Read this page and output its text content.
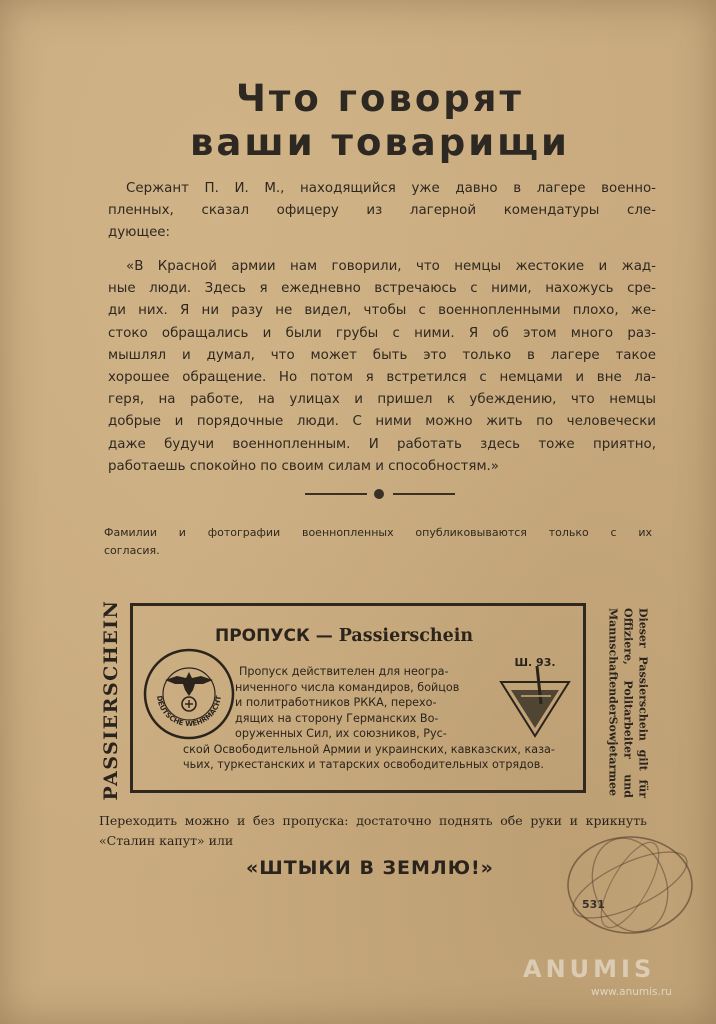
Что говорят
ваши товарищи

Сержант П. И. М., находящийся уже давно в лагере военно-
пленных, сказал офицеру из лагерной комендатуры сле-
дующее:

«В Красной армии нам говорили, что немцы жестокие и жад-
ные люди. Здесь я ежедневно встречаюсь с ними, нахожусь сре-
ди них. Я ни разу не видел, чтобы с военнопленными плохо, же-
стоко обращались и были грубы с ними. Я об этом много раз-
мышлял и думал, что может быть это только в лагере такое
хорошее обращение. Но потом я встретился с немцами и вне ла-
геря, на работе, на улицах и пришел к убеждению, что немцы
добрые и порядочные люди. С ними можно жить по человечески
даже будучи военнопленным. И работать здесь тоже приятно,
работаешь спокойно по своим силам и способностям.»

Фамилии и фотографии военнопленных опубликовываются только с их
согласия.

PASSIERSCHEIN	ПРОПУСК — Passierschein
DEUTSCHE WEHRMACHT
Пропуск действителен для неогра-
ниченного числа командиров, бойцов
и политработников РККА, перехо-
дящих на сторону Германских Во-
оруженных Сил, их союзников, Рус-
ской Освободительной Армии и украинских, кавказских, каза-
чьих, туркестанских и татарских освободительных отрядов.
Ш. 93.	Dieser Passierschein gilt für
Offiziere, Politarbeiter und
MannschaftenderSowjetarmee

Переходить можно и без пропуска: достаточно поднять обе руки и крикнуть
«Сталин капут» или

«ШТЫКИ В ЗЕМЛЮ!»
531
ANUMIS
www.anumis.ru
